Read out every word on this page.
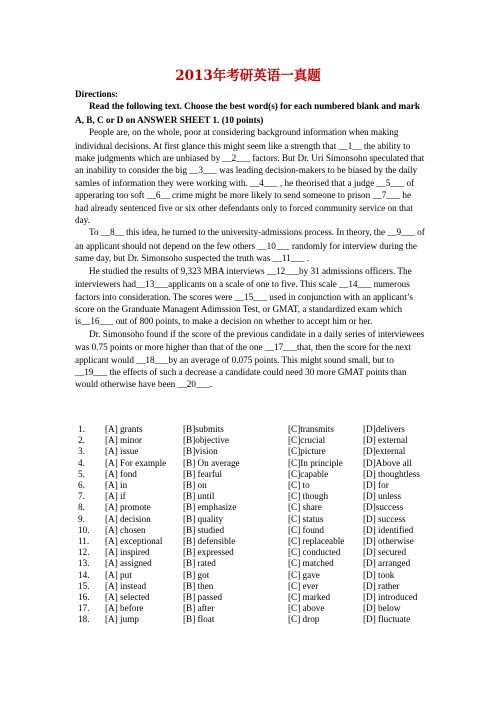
2013年考研英语一真题

Directions:

Read the following text. Choose the best word(s) for each numbered blank and mark A, B, C or D on ANSWER SHEET 1. (10 points)

People are, on the whole, poor at considering background information when making individual decisions. At first glance this might seem like a strength that __1__ the ability to make judgments which are unbiased by __2___ factors. But Dr. Uri Simonsohn speculated that an inability to consider the big __3___ was leading decision-makers to be biased by the daily samles of information they were working with. __4___ , he theorised that a judge __5___ of apperaring too soft __6__ crime might be more likely to send someone to prison __7___ he had already sentenced five or six other defendants only to forced community service on that day.

To __8__ this idea, he turned to the university-admissions process. In theory, the __9___ of an applicant should not depend on the few others __10___ randomly for interview during the same day, but Dr. Simonsoho suspected the truth was __11___ .

He studied the results of 9,323 MBA interviews __12___by 31 admissions officers. The interviewers had__13___applicants on a scale of one to five. This scale __14___ numerous factors into consideration. The scores were __15___ used in conjunction with an applicant’s score on the Granduate Managent Adimssion Test, or GMAT, a standardized exam which is__16___ out of 800 points, to make a decision on whether to accept him or her.

Dr. Simonsoho found if the score of the previous candidate in a daily series of interviewees was 0.75 points or more higher than that of the one __17___that, then the score for the next applicant would __18___by an average of 0.075 points. This might sound small, but to __19___ the effects of such a decrease a candidate could need 30 more GMAT points than would otherwise have been __20___.

1.	[A] grants	[B]submits	[C]transmits	[D]delivers
2.	[A] minor	[B]objective	[C]crucial	[D] external
3.	[A] issue	[B]vision	[C]picture	[D]external
4.	[A] For example	[B] On average	[C]In principle	[D]Above all
5.	[A] fond	[B] fearful	[C]capable	[D] thoughtless
6.	[A] in	[B] on	[C] to	[D] for
7.	[A] if	[B] until	[C] though	[D] unless
8.	[A] promote	[B] emphasize	[C] share	[D]success
9.	[A] decision	[B] quality	[C] status	[D] success
10.	[A] chosen	[B] studied	[C] found	[D] identified
11.	[A] exceptional	[B] defensible	[C] replaceable	[D] otherwise
12.	[A] inspired	[B] expressed	[C] conducted	[D] secured
13.	[A] assigned	[B] rated	[C] matched	[D] arranged
14.	[A] put	[B] got	[C] gave	[D] took
15.	[A] instead	[B] then	[C] ever	[D] rather
16.	[A] selected	[B] passed	[C] marked	[D] introduced
17.	[A] before	[B] after	[C] above	[D] below
18.	[A] jump	[B] float	[C] drop	[D] fluctuate
